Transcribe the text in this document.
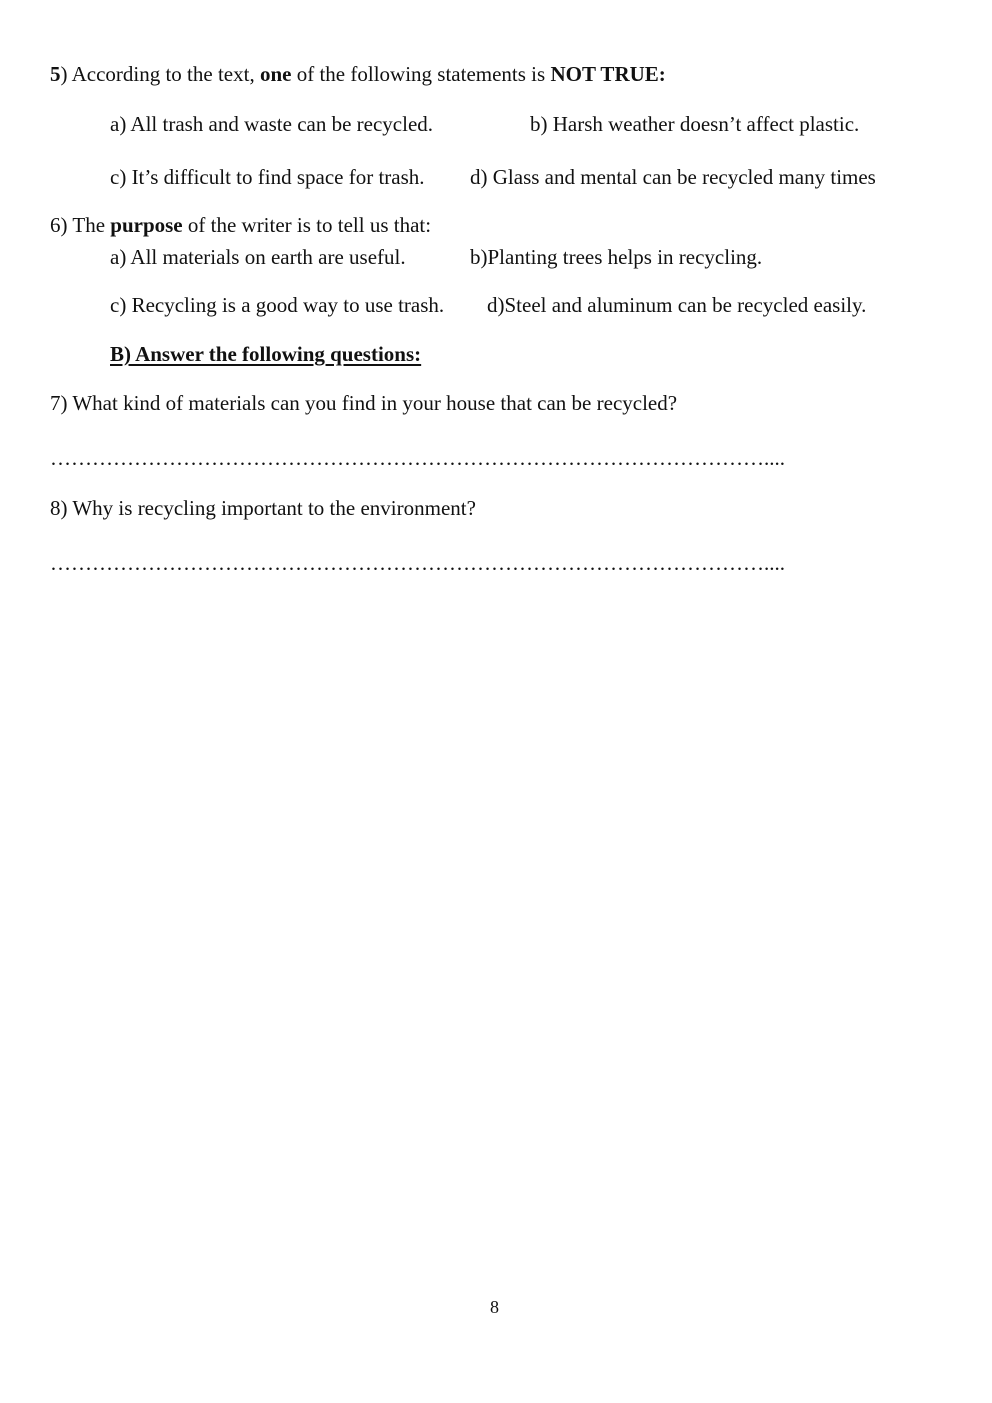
5) According to the text, one of the following statements is NOT TRUE:
a) All trash and waste can be recycled.	b) Harsh weather doesn’t affect plastic.
c) It’s difficult to find space for trash. d) Glass and mental can be recycled many times
6) The purpose of the writer is to tell us that:
a) All materials on earth are useful.	b)Planting trees helps in recycling.
c) Recycling is a good way to use trash. d)Steel and aluminum can be recycled easily.
B) Answer the following questions:
7) What kind of materials can you find in your house that can be recycled?
…………………………………………………………………………………………....
8) Why is recycling important to the environment?
…………………………………………………………………………………………....
8
